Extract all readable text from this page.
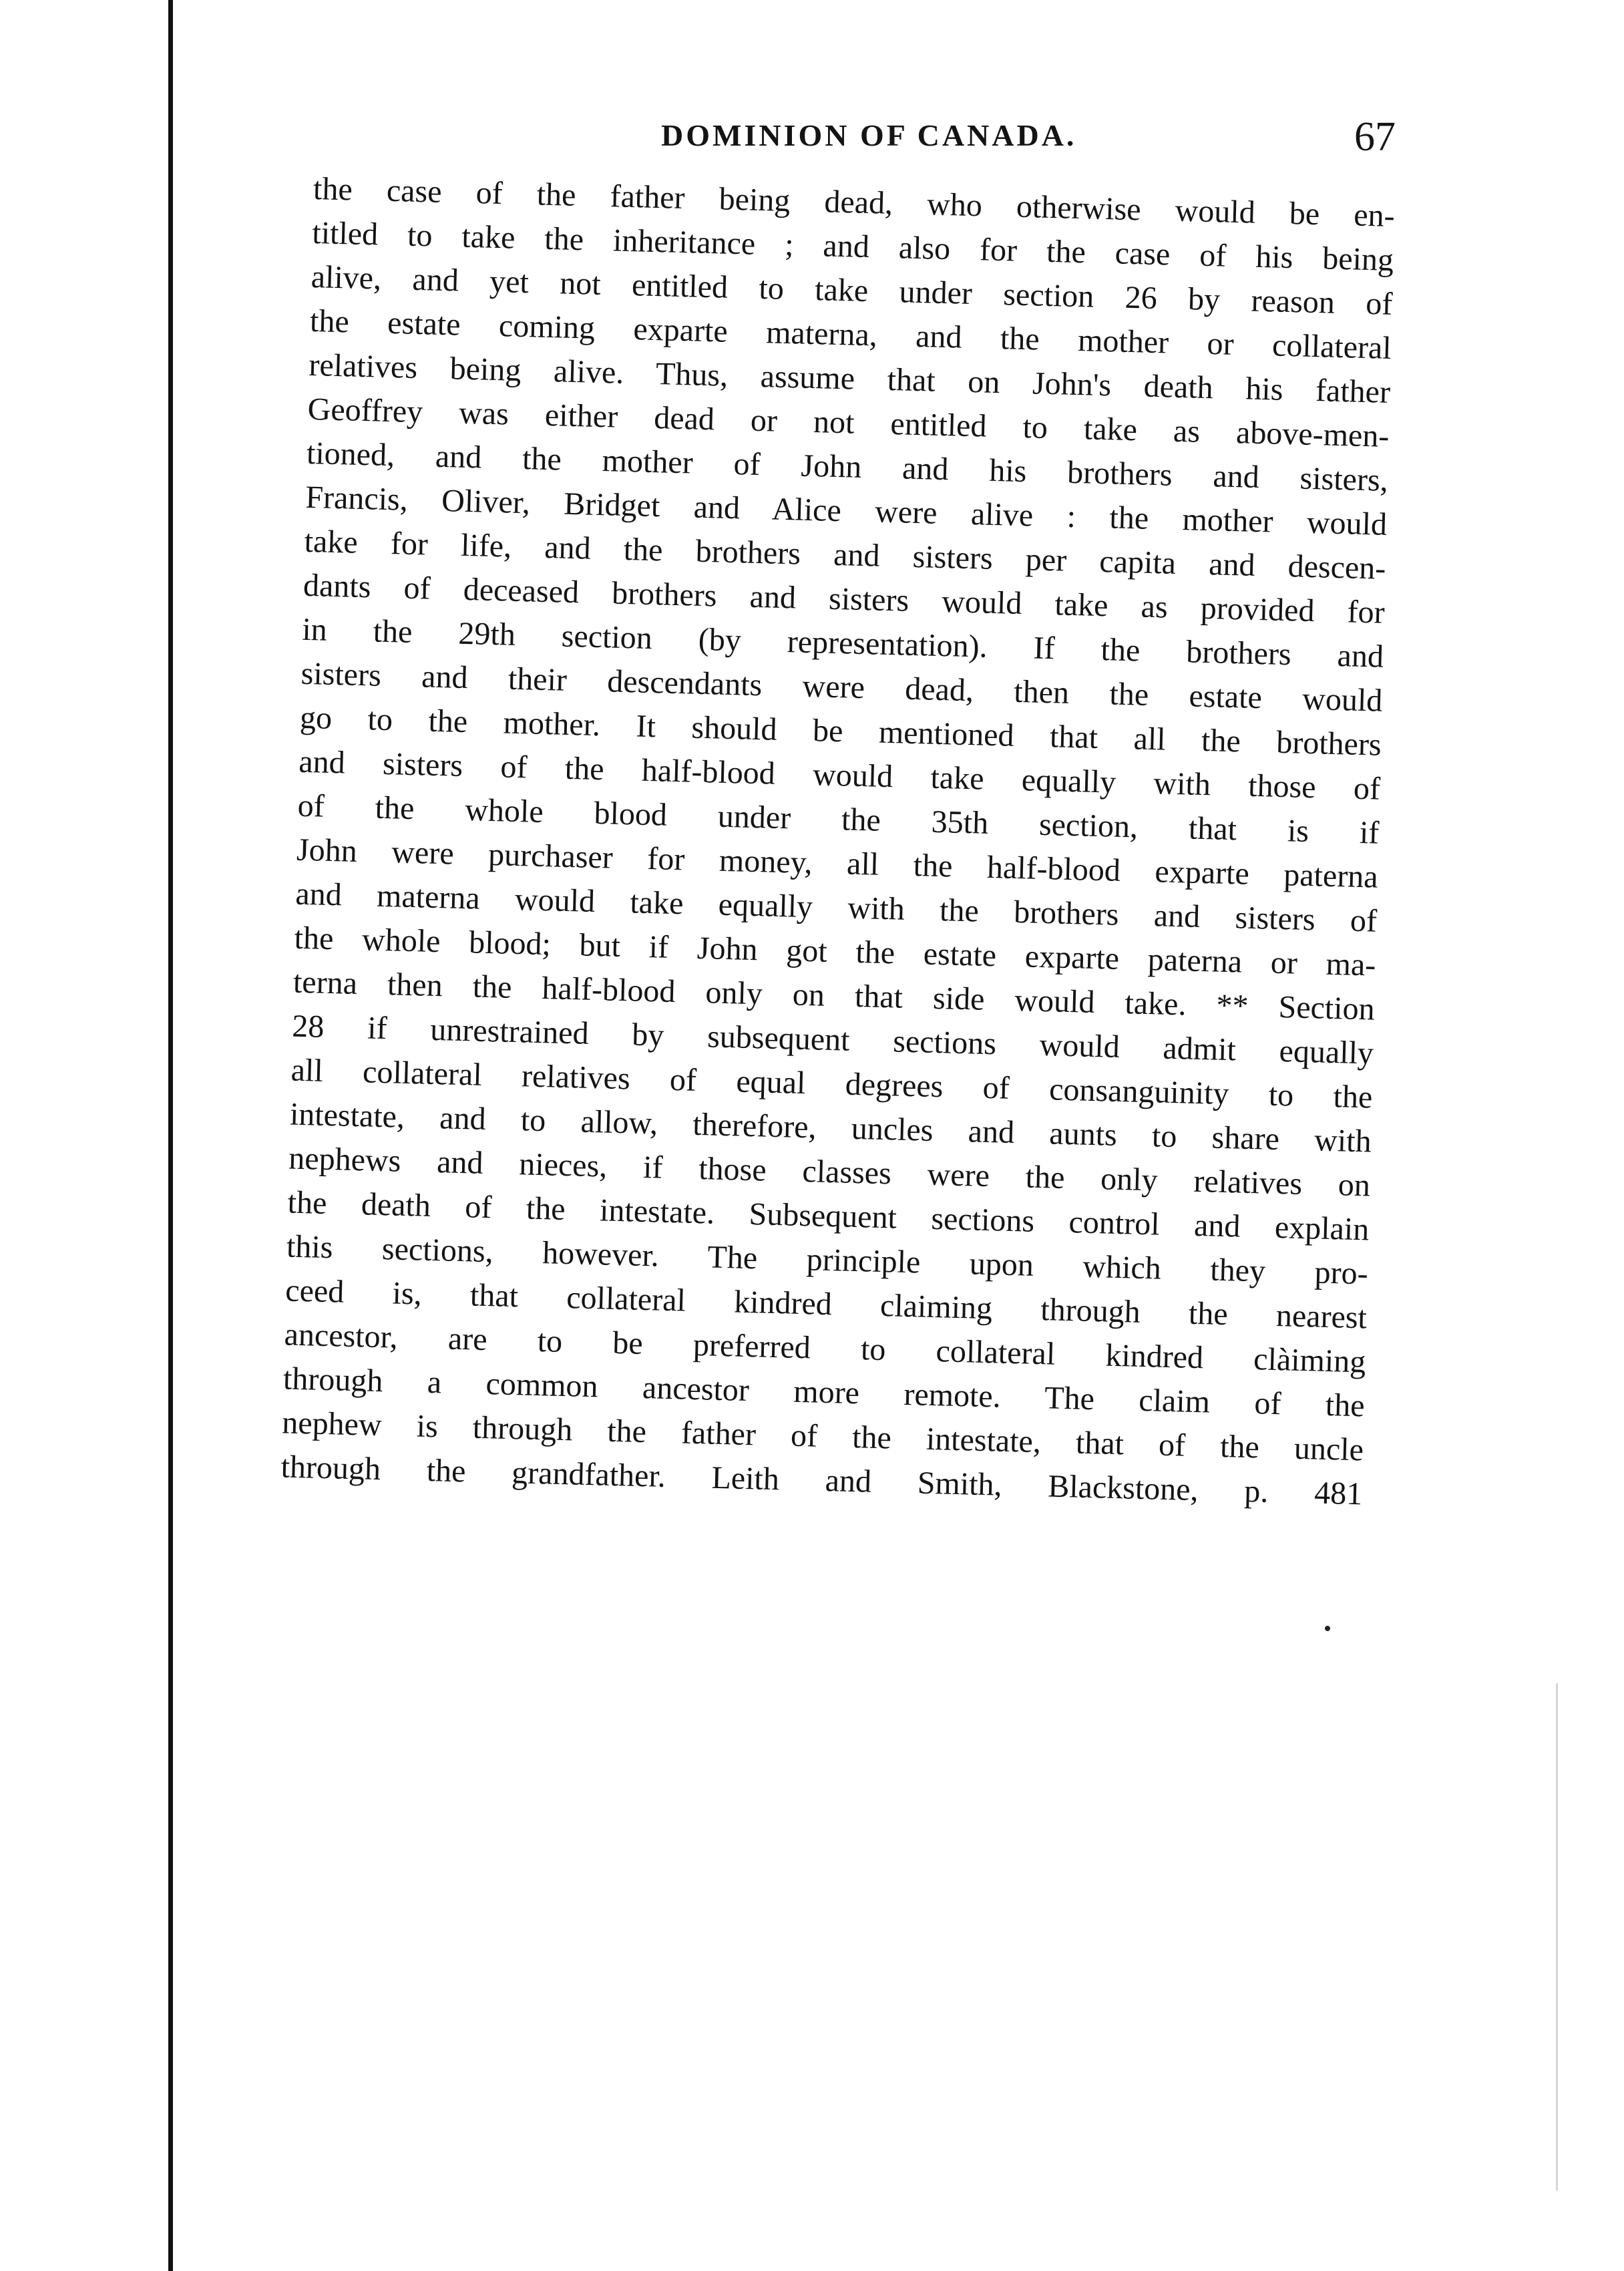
DOMINION OF CANADA.	67
the case of the father being dead, who otherwise would be en-
titled to take the inheritance ; and also for the case of his being
alive, and yet not entitled to take under section 26 by reason of
the estate coming exparte materna, and the mother or collateral
relatives being alive. Thus, assume that on John's death his father
Geoffrey was either dead or not entitled to take as above-men-
tioned, and the mother of John and his brothers and sisters,
Francis, Oliver, Bridget and Alice were alive : the mother would
take for life, and the brothers and sisters per capita and descen-
dants of deceased brothers and sisters would take as provided for
in the 29th section (by representation). If the brothers and
sisters and their descendants were dead, then the estate would
go to the mother. It should be mentioned that all the brothers
and sisters of the half-blood would take equally with those of
of the whole blood under the 35th section, that is if
John were purchaser for money, all the half-blood exparte paterna
and materna would take equally with the brothers and sisters of
the whole blood; but if John got the estate exparte paterna or ma-
terna then the half-blood only on that side would take. ** Section
28 if unrestrained by subsequent sections would admit equally
all collateral relatives of equal degrees of consanguinity to the
intestate, and to allow, therefore, uncles and aunts to share with
nephews and nieces, if those classes were the only relatives on
the death of the intestate. Subsequent sections control and explain
this sections, however. The principle upon which they pro-
ceed is, that collateral kindred claiming through the nearest
ancestor, are to be preferred to collateral kindred clàiming
through a common ancestor more remote. The claim of the
nephew is through the father of the intestate, that of the uncle
through the grandfather. Leith and Smith, Blackstone, p. 481
